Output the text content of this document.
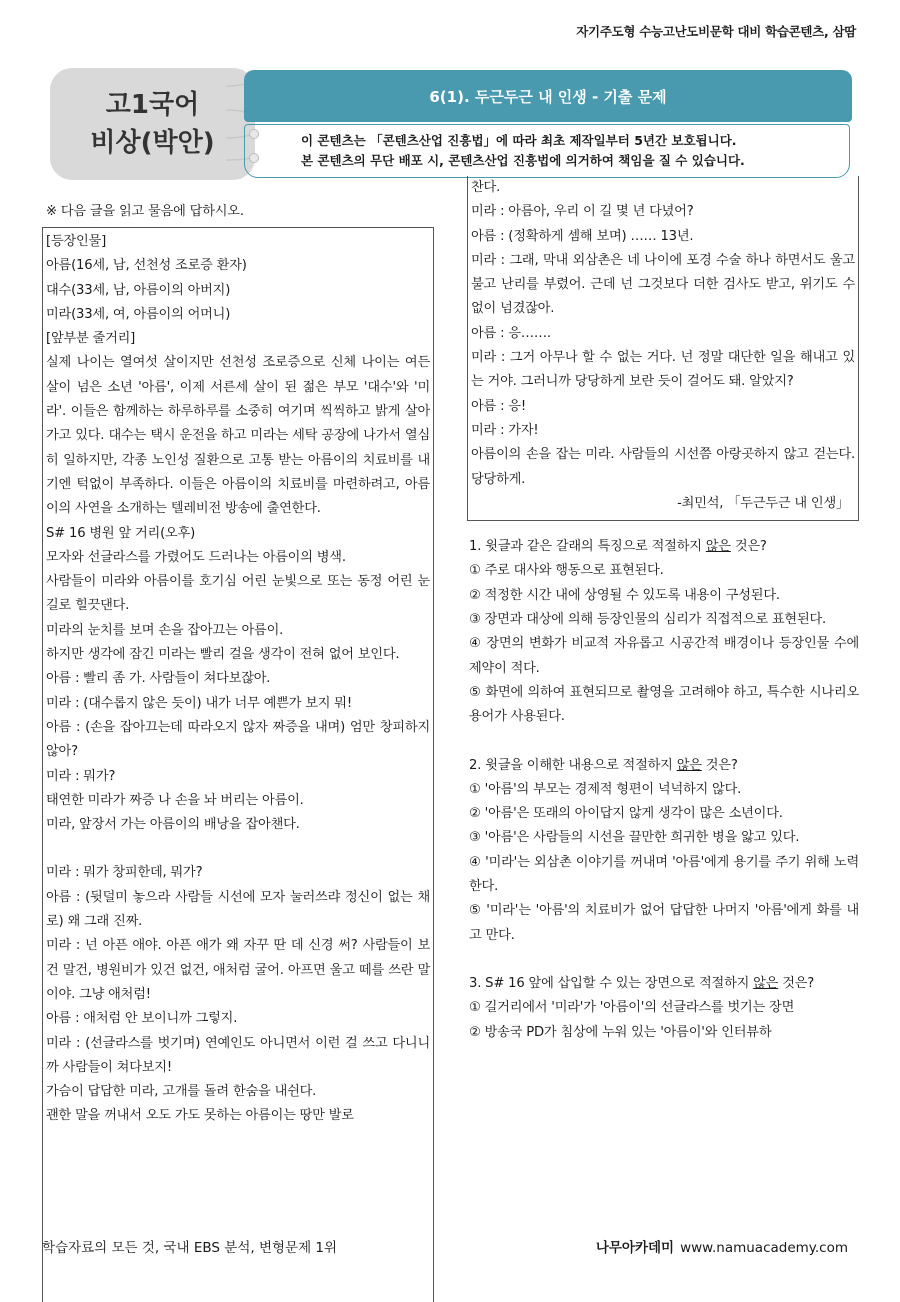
자기주도형 수능고난도비문학 대비 학습콘텐츠, 삼땀
고1국어
비상(박안)
6(1). 두근두근 내 인생 - 기출 문제
이 콘텐츠는 「콘텐츠산업 진흥법」에 따라 최초 제작일부터 5년간 보호됩니다.
본 콘텐츠의 무단 배포 시, 콘텐츠산업 진흥법에 의거하여 책임을 질 수 있습니다.
※ 다음 글을 읽고 물음에 답하시오.
[등장인물]
아름(16세, 남, 선천성 조로증 환자)
대수(33세, 남, 아름이의 아버지)
미라(33세, 여, 아름이의 어머니)
[앞부분 줄거리]
실제 나이는 열여섯 살이지만 선천성 조로증으로 신체 나이는 여든 살이 넘은 소년 '아름', 이제 서른세 살이 된 젊은 부모 '대수'와 '미라'. 이들은 함께하는 하루하루를 소중히 여기며 씩씩하고 밝게 살아가고 있다. 대수는 택시 운전을 하고 미라는 세탁 공장에 나가서 열심히 일하지만, 각종 노인성 질환으로 고통 받는 아름이의 치료비를 내기엔 턱없이 부족하다. 이들은 아름이의 치료비를 마련하려고, 아름이의 사연을 소개하는 텔레비전 방송에 출연한다.
S# 16 병원 앞 거리(오후)
모자와 선글라스를 가렸어도 드러나는 아름이의 병색.
사람들이 미라와 아름이를 호기심 어린 눈빛으로 또는 동정 어린 눈길로 힐끗댄다.
미라의 눈치를 보며 손을 잡아끄는 아름이.
하지만 생각에 잠긴 미라는 빨리 걸을 생각이 전혀 없어 보인다.
아름 : 빨리 좀 가. 사람들이 쳐다보잖아.
미라 : (대수롭지 않은 듯이) 내가 너무 예쁜가 보지 뭐!
아름 : (손을 잡아끄는데 따라오지 않자 짜증을 내며) 엄만 창피하지 않아?
미라 : 뭐가?
태연한 미라가 짜증 나 손을 놔 버리는 아름이.
미라, 앞장서 가는 아름이의 배낭을 잡아챈다.
미라 : 뭐가 창피한데, 뭐가?
아름 : (뒷덜미 놓으라 사람들 시선에 모자 눌러쓰랴 정신이 없는 채로) 왜 그래 진짜.
미라 : 넌 아픈 애야. 아픈 애가 왜 자꾸 딴 데 신경 써? 사람들이 보건 말건, 병원비가 있건 없건, 애처럼 굴어. 아프면 울고 떼를 쓰란 말이야. 그냥 애처럼!
아름 : 애처럼 안 보이니까 그렇지.
미라 : (선글라스를 벗기며) 연예인도 아니면서 이런 걸 쓰고 다니니까 사람들이 쳐다보지!
가슴이 답답한 미라, 고개를 돌려 한숨을 내쉰다.
괜한 말을 꺼내서 오도 가도 못하는 아름이는 땅만 발로
찬다.
미라 : 아름아, 우리 이 길 몇 년 다녔어?
아름 : (정확하게 셈해 보며) …… 13년.
미라 : 그래, 막내 외삼촌은 네 나이에 포경 수술 하나 하면서도 울고불고 난리를 부렸어. 근데 넌 그것보다 더한 검사도 받고, 위기도 수없이 넘겼잖아.
아름 : 응…….
미라 : 그거 아무나 할 수 없는 거다. 넌 정말 대단한 일을 해내고 있는 거야. 그러니까 당당하게 보란 듯이 걸어도 돼. 알았지?
아름 : 응!
미라 : 가자!
아름이의 손을 잡는 미라. 사람들의 시선쯤 아랑곳하지 않고 걷는다. 당당하게.
-최민석, 「두근두근 내 인생」
1. 윗글과 같은 갈래의 특징으로 적절하지 않은 것은?
① 주로 대사와 행동으로 표현된다.
② 적정한 시간 내에 상영될 수 있도록 내용이 구성된다.
③ 장면과 대상에 의해 등장인물의 심리가 직접적으로 표현된다.
④ 장면의 변화가 비교적 자유롭고 시공간적 배경이나 등장인물 수에 제약이 적다.
⑤ 화면에 의하여 표현되므로 촬영을 고려해야 하고, 특수한 시나리오 용어가 사용된다.
2. 윗글을 이해한 내용으로 적절하지 않은 것은?
① '아름'의 부모는 경제적 형편이 넉넉하지 않다.
② '아름'은 또래의 아이답지 않게 생각이 많은 소년이다.
③ '아름'은 사람들의 시선을 끌만한 희귀한 병을 앓고 있다.
④ '미라'는 외삼촌 이야기를 꺼내며 '아름'에게 용기를 주기 위해 노력한다.
⑤ '미라'는 '아름'의 치료비가 없어 답답한 나머지 '아름'에게 화를 내고 만다.
3. S# 16 앞에 삽입할 수 있는 장면으로 적절하지 않은 것은?
① 길거리에서 '미라'가 '아름이'의 선글라스를 벗기는 장면
② 방송국 PD가 침상에 누워 있는 '아름이'와 인터뷰하
학습자료의 모든 것, 국내 EBS 분석, 변형문제 1위	나무아카데미 www.namuacademy.com
